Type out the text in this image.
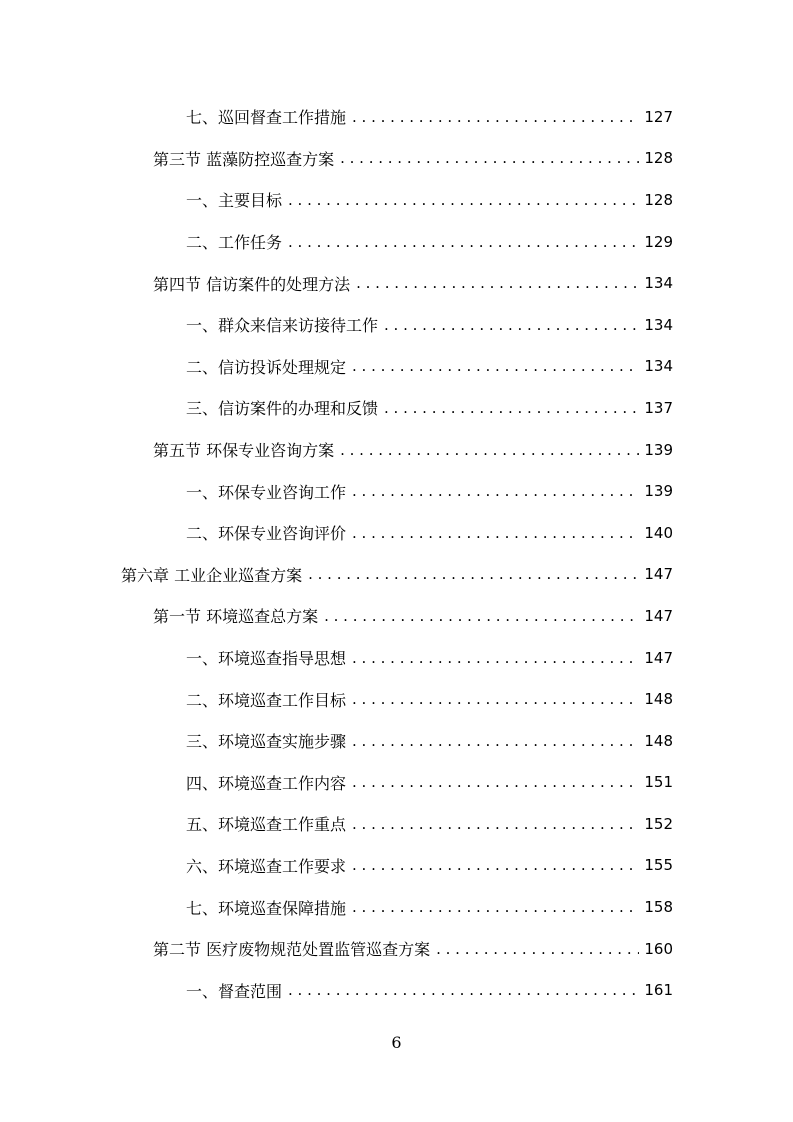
七、巡回督查工作措施 . . .	127
第三节 蓝藻防控巡查方案 . . .	128
一、主要目标 . . .	128
二、工作任务 . . .	129
第四节 信访案件的处理方法 . . .	134
一、群众来信来访接待工作 . . .	134
二、信访投诉处理规定 . . .	134
三、信访案件的办理和反馈 . . .	137
第五节 环保专业咨询方案 . . .	139
一、环保专业咨询工作 . . .	139
二、环保专业咨询评价 . . .	140
第六章 工业企业巡查方案 . . .	147
第一节 环境巡查总方案 . . .	147
一、环境巡查指导思想 . . .	147
二、环境巡查工作目标 . . .	148
三、环境巡查实施步骤 . . .	148
四、环境巡查工作内容 . . .	151
五、环境巡查工作重点 . . .	152
六、环境巡查工作要求 . . .	155
七、环境巡查保障措施 . . .	158
第二节 医疗废物规范处置监管巡查方案 . . .	160
一、督查范围 . . .	161
6
